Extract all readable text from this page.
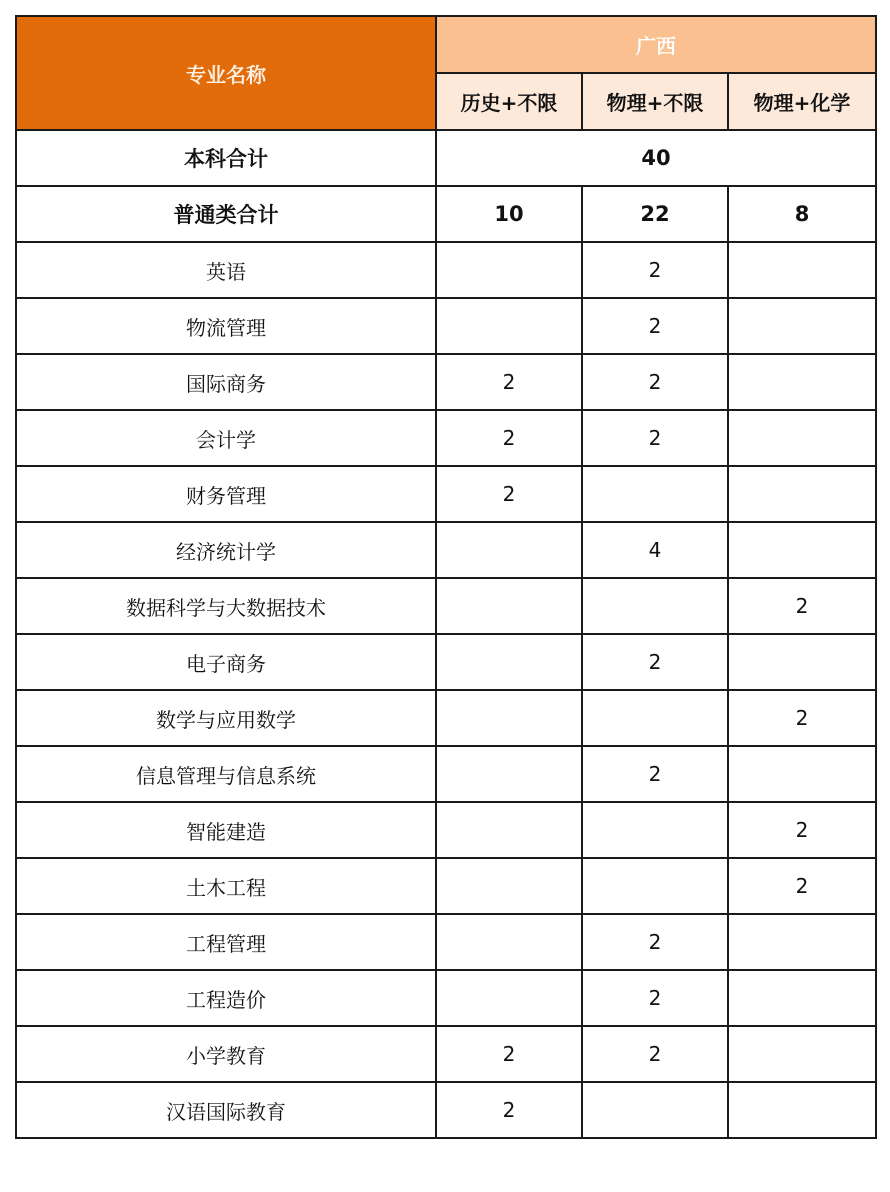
专业名称	广西		
	历史+不限	物理+不限	物理+化学
本科合计	40		
普通类合计	10	22	8
英语		2	
物流管理		2	
国际商务	2	2	
会计学	2	2	
财务管理	2		
经济统计学		4	
数据科学与大数据技术			2
电子商务		2	
数学与应用数学			2
信息管理与信息系统		2	
智能建造			2
土木工程			2
工程管理		2	
工程造价		2	
小学教育	2	2	
汉语国际教育	2		
